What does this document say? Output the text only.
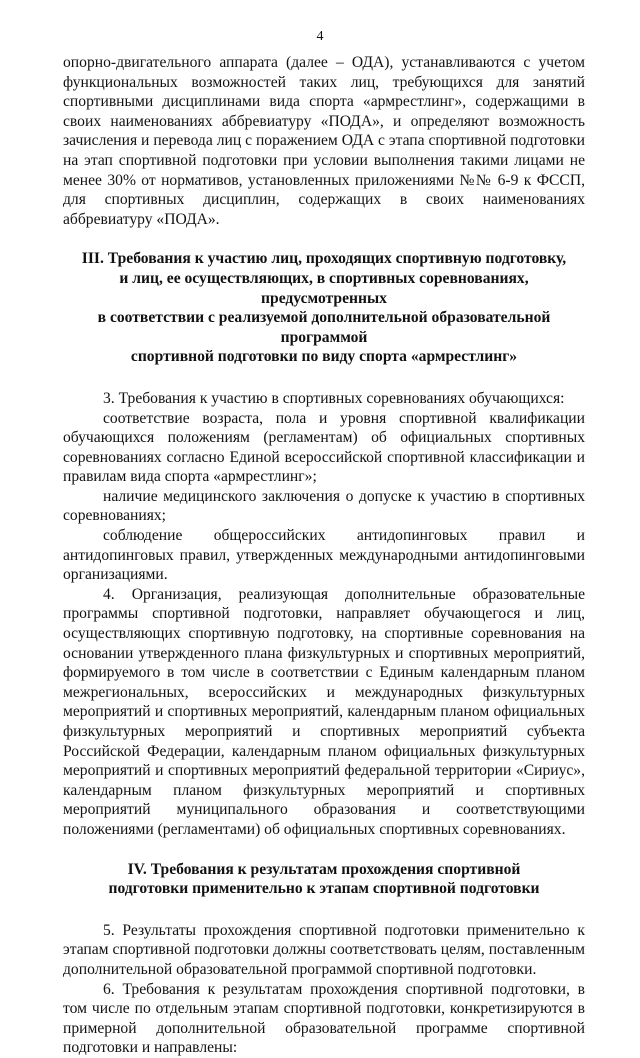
4

опорно-двигательного аппарата (далее – ОДА), устанавливаются с учетом функциональных возможностей таких лиц, требующихся для занятий спортивными дисциплинами вида спорта «армрестлинг», содержащими в своих наименованиях аббревиатуру «ПОДА», и определяют возможность зачисления и перевода лиц с поражением ОДА с этапа спортивной подготовки на этап спортивной подготовки при условии выполнения такими лицами не менее 30% от нормативов, установленных приложениями №№ 6-9 к ФССП, для спортивных дисциплин, содержащих в своих наименованиях аббревиатуру «ПОДА».

III. Требования к участию лиц, проходящих спортивную подготовку,
и лиц, ее осуществляющих, в спортивных соревнованиях, предусмотренных
в соответствии с реализуемой дополнительной образовательной программой
спортивной подготовки по виду спорта «армрестлинг»

3. Требования к участию в спортивных соревнованиях обучающихся:

соответствие возраста, пола и уровня спортивной квалификации обучающихся положениям (регламентам) об официальных спортивных соревнованиях согласно Единой всероссийской спортивной классификации и правилам вида спорта «армрестлинг»;

наличие медицинского заключения о допуске к участию в спортивных соревнованиях;

соблюдение общероссийских антидопинговых правил и антидопинговых правил, утвержденных международными антидопинговыми организациями.

4. Организация, реализующая дополнительные образовательные программы спортивной подготовки, направляет обучающегося и лиц, осуществляющих спортивную подготовку, на спортивные соревнования на основании утвержденного плана физкультурных и спортивных мероприятий, формируемого в том числе в соответствии с Единым календарным планом межрегиональных, всероссийских и международных физкультурных мероприятий и спортивных мероприятий, календарным планом официальных физкультурных мероприятий и спортивных мероприятий субъекта Российской Федерации, календарным планом официальных физкультурных мероприятий и спортивных мероприятий федеральной территории «Сириус», календарным планом физкультурных мероприятий и спортивных мероприятий муниципального образования и соответствующими положениями (регламентами) об официальных спортивных соревнованиях.

IV. Требования к результатам прохождения спортивной
подготовки применительно к этапам спортивной подготовки

5. Результаты прохождения спортивной подготовки применительно к этапам спортивной подготовки должны соответствовать целям, поставленным дополнительной образовательной программой спортивной подготовки.

6. Требования к результатам прохождения спортивной подготовки, в том числе по отдельным этапам спортивной подготовки, конкретизируются в примерной дополнительной образовательной программе спортивной подготовки и направлены:
